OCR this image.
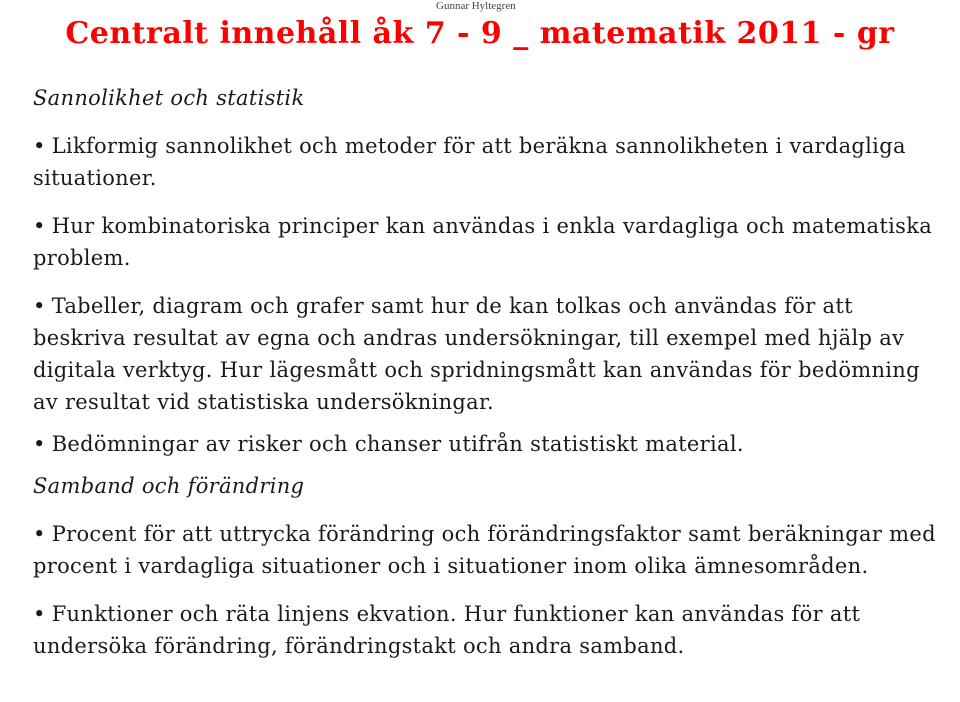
Gunnar Hyltegren
Centralt innehåll åk 7 - 9 _ matematik 2011 - gr
Sannolikhet och statistik
• Likformig sannolikhet och metoder för att beräkna sannolikheten i vardagliga situationer.
• Hur kombinatoriska principer kan användas i enkla vardagliga och matematiska problem.
• Tabeller, diagram och grafer samt hur de kan tolkas och användas för att beskriva resultat av egna och andras undersökningar, till exempel med hjälp av digitala verktyg. Hur lägesmått och spridningsmått kan användas för bedömning av resultat vid statistiska undersökningar.
• Bedömningar av risker och chanser utifrån statistiskt material.
Samband och förändring
• Procent för att uttrycka förändring och förändringsfaktor samt beräkningar med procent i vardagliga situationer och i situationer inom olika ämnesområden.
• Funktioner och räta linjens ekvation. Hur funktioner kan användas för att undersöka förändring, förändringstakt och andra samband.
